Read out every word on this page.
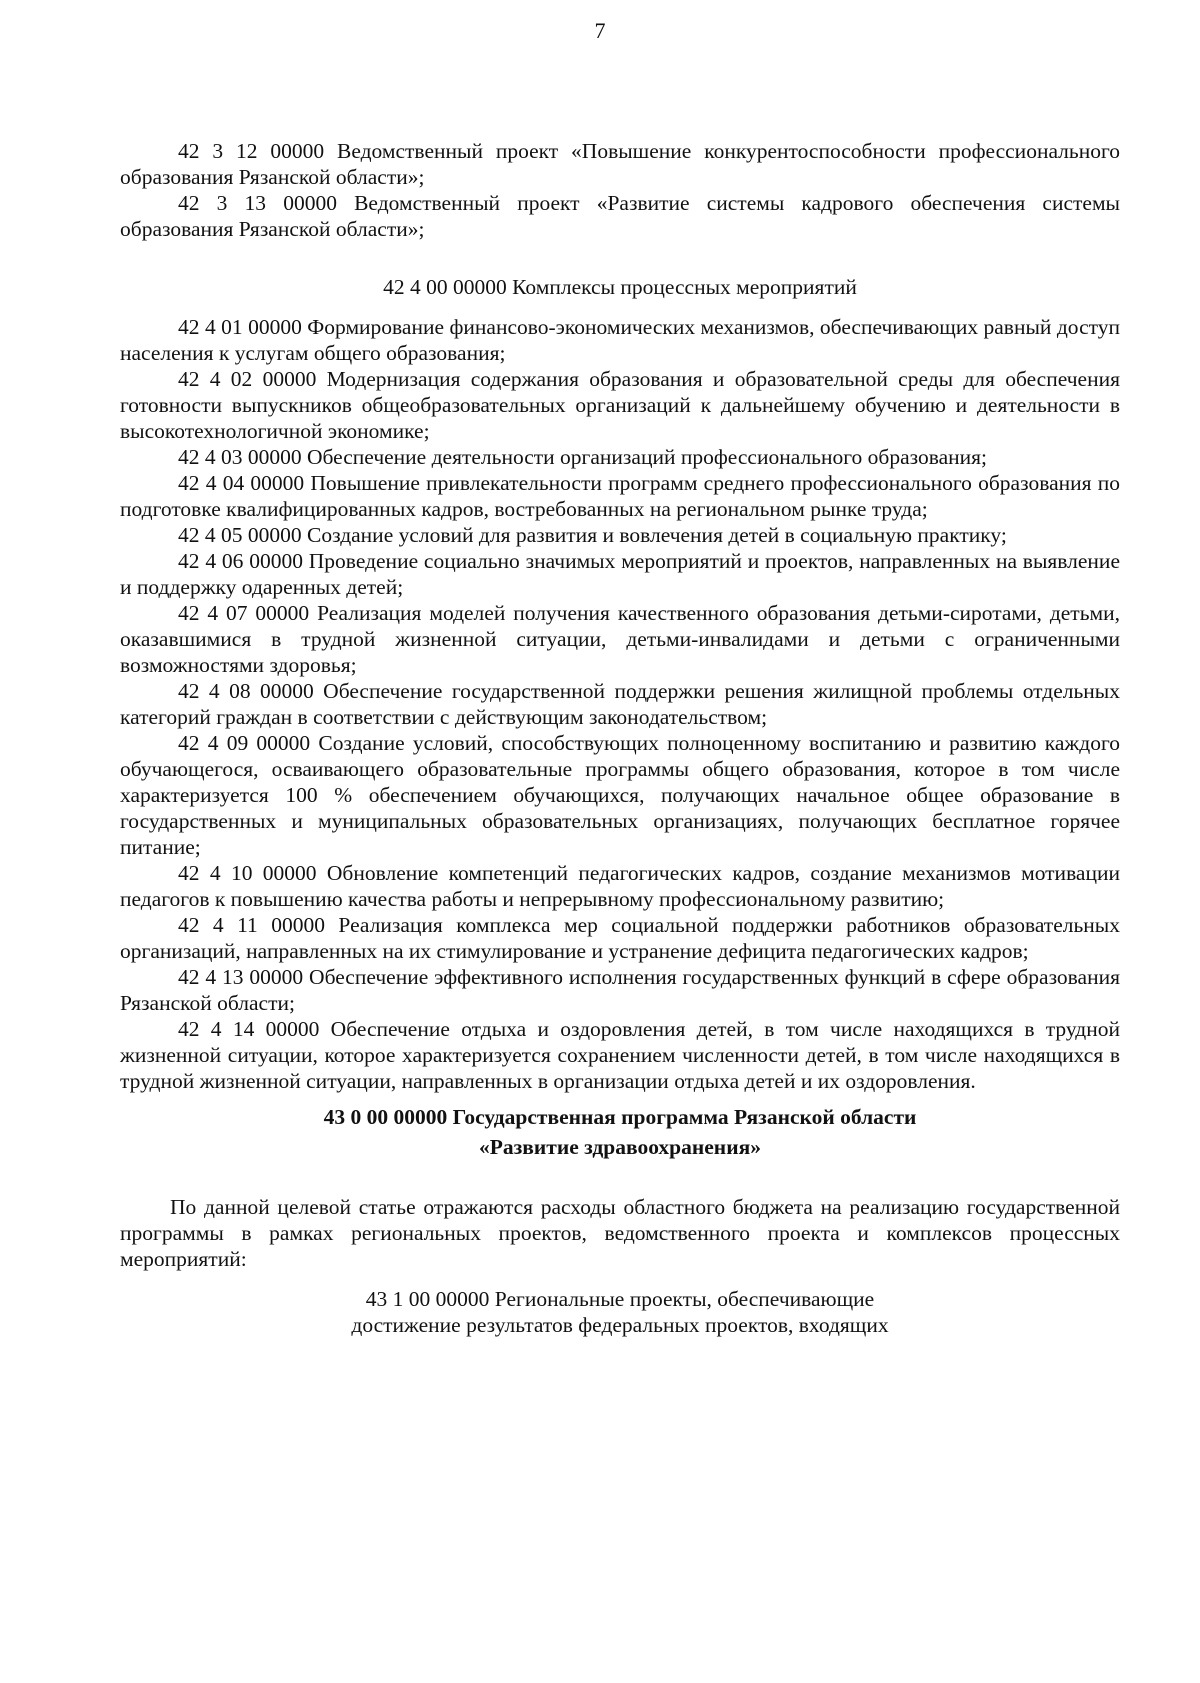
7

42 3 12 00000 Ведомственный проект «Повышение конкурентоспособности профессионального образования Рязанской области»;

42 3 13 00000 Ведомственный проект «Развитие системы кадрового обеспечения системы образования Рязанской области»;

42 4 00 00000 Комплексы процессных мероприятий

42 4 01 00000 Формирование финансово-экономических механизмов, обеспечивающих равный доступ населения к услугам общего образования;

42 4 02 00000 Модернизация содержания образования и образовательной среды для обеспечения готовности выпускников общеобразовательных организаций к дальнейшему обучению и деятельности в высокотехнологичной экономике;

42 4 03 00000 Обеспечение деятельности организаций профессионального образования;

42 4 04 00000 Повышение привлекательности программ среднего профессионального образования по подготовке квалифицированных кадров, востребованных на региональном рынке труда;

42 4 05 00000 Создание условий для развития и вовлечения детей в социальную практику;

42 4 06 00000 Проведение социально значимых мероприятий и проектов, направленных на выявление и поддержку одаренных детей;

42 4 07 00000 Реализация моделей получения качественного образования детьми-сиротами, детьми, оказавшимися в трудной жизненной ситуации, детьми-инвалидами и детьми с ограниченными возможностями здоровья;

42 4 08 00000 Обеспечение государственной поддержки решения жилищной проблемы отдельных категорий граждан в соответствии с действующим законодательством;

42 4 09 00000 Создание условий, способствующих полноценному воспитанию и развитию каждого обучающегося, осваивающего образовательные программы общего образования, которое в том числе характеризуется 100 % обеспечением обучающихся, получающих начальное общее образование в государственных и муниципальных образовательных организациях, получающих бесплатное горячее питание;

42 4 10 00000 Обновление компетенций педагогических кадров, создание механизмов мотивации педагогов к повышению качества работы и непрерывному профессиональному развитию;

42 4 11 00000 Реализация комплекса мер социальной поддержки работников образовательных организаций, направленных на их стимулирование и устранение дефицита педагогических кадров;

42 4 13 00000 Обеспечение эффективного исполнения государственных функций в сфере образования Рязанской области;

42 4 14 00000 Обеспечение отдыха и оздоровления детей, в том числе находящихся в трудной жизненной ситуации, которое характеризуется сохранением численности детей, в том числе находящихся в трудной жизненной ситуации, направленных в организации отдыха детей и их оздоровления.

43 0 00 00000 Государственная программа Рязанской области

«Развитие здравоохранения»

По данной целевой статье отражаются расходы областного бюджета на реализацию государственной программы в рамках региональных проектов, ведомственного проекта и комплексов процессных мероприятий:

43 1 00 00000 Региональные проекты, обеспечивающие

достижение результатов федеральных проектов, входящих
